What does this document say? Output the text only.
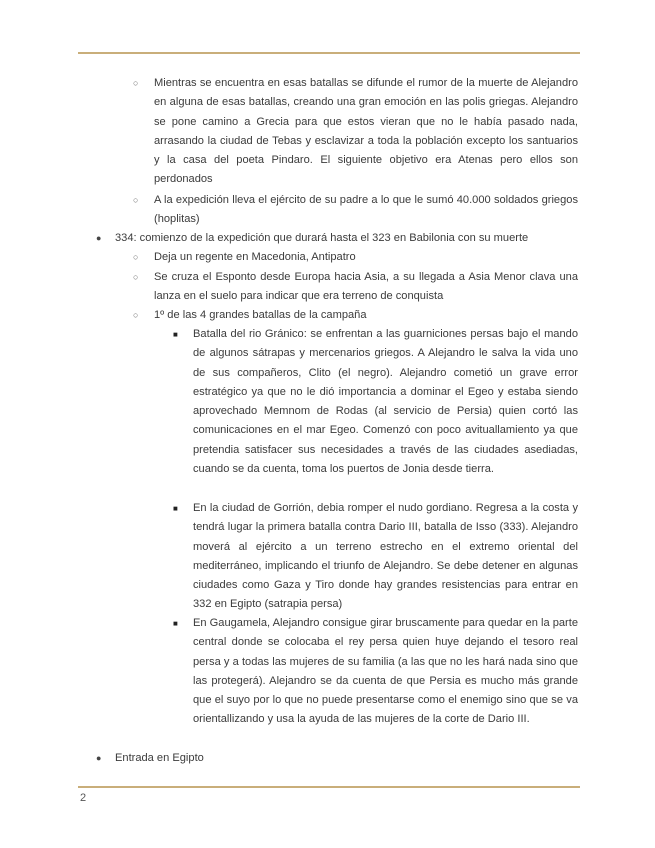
○ Mientras se encuentra en esas batallas se difunde el rumor de la muerte de Alejandro en alguna de esas batallas, creando una gran emoción en las polis griegas. Alejandro se pone camino a Grecia para que estos vieran que no le había pasado nada, arrasando la ciudad de Tebas y esclavizar a toda la población excepto los santuarios y la casa del poeta Pindaro. El siguiente objetivo era Atenas pero ellos son perdonados
○ A la expedición lleva el ejército de su padre a lo que le sumó 40.000 soldados griegos (hoplitas)
● 334: comienzo de la expedición que durará hasta el 323 en Babilonia con su muerte
○ Deja un regente en Macedonia, Antipatro
○ Se cruza el Esponto desde Europa hacia Asia, a su llegada a Asia Menor clava una lanza en el suelo para indicar que era terreno de conquista
○ 1º de las 4 grandes batallas de la campaña
■ Batalla del rio Gránico: se enfrentan a las guarniciones persas bajo el mando de algunos sátrapas y mercenarios griegos. A Alejandro le salva la vida uno de sus compañeros, Clito (el negro). Alejandro cometió un grave error estratégico ya que no le dió importancia a dominar el Egeo y estaba siendo aprovechado Memnom de Rodas (al servicio de Persia) quien cortó las comunicaciones en el mar Egeo. Comenzó con poco avituallamiento ya que pretendia satisfacer sus necesidades a través de las ciudades asediadas, cuando se da cuenta, toma los puertos de Jonia desde tierra.
■ En la ciudad de Gorrión, debia romper el nudo gordiano. Regresa a la costa y tendrá lugar la primera batalla contra Dario III, batalla de Isso (333). Alejandro moverá al ejército a un terreno estrecho en el extremo oriental del mediterráneo, implicando el triunfo de Alejandro. Se debe detener en algunas ciudades como Gaza y Tiro donde hay grandes resistencias para entrar en 332 en Egipto (satrapia persa)
■ En Gaugamela, Alejandro consigue girar bruscamente para quedar en la parte central donde se colocaba el rey persa quien huye dejando el tesoro real persa y a todas las mujeres de su familia (a las que no les hará nada sino que las protegerá). Alejandro se da cuenta de que Persia es mucho más grande que el suyo por lo que no puede presentarse como el enemigo sino que se va orientallizando y usa la ayuda de las mujeres de la corte de Dario III.
● Entrada en Egipto
2
